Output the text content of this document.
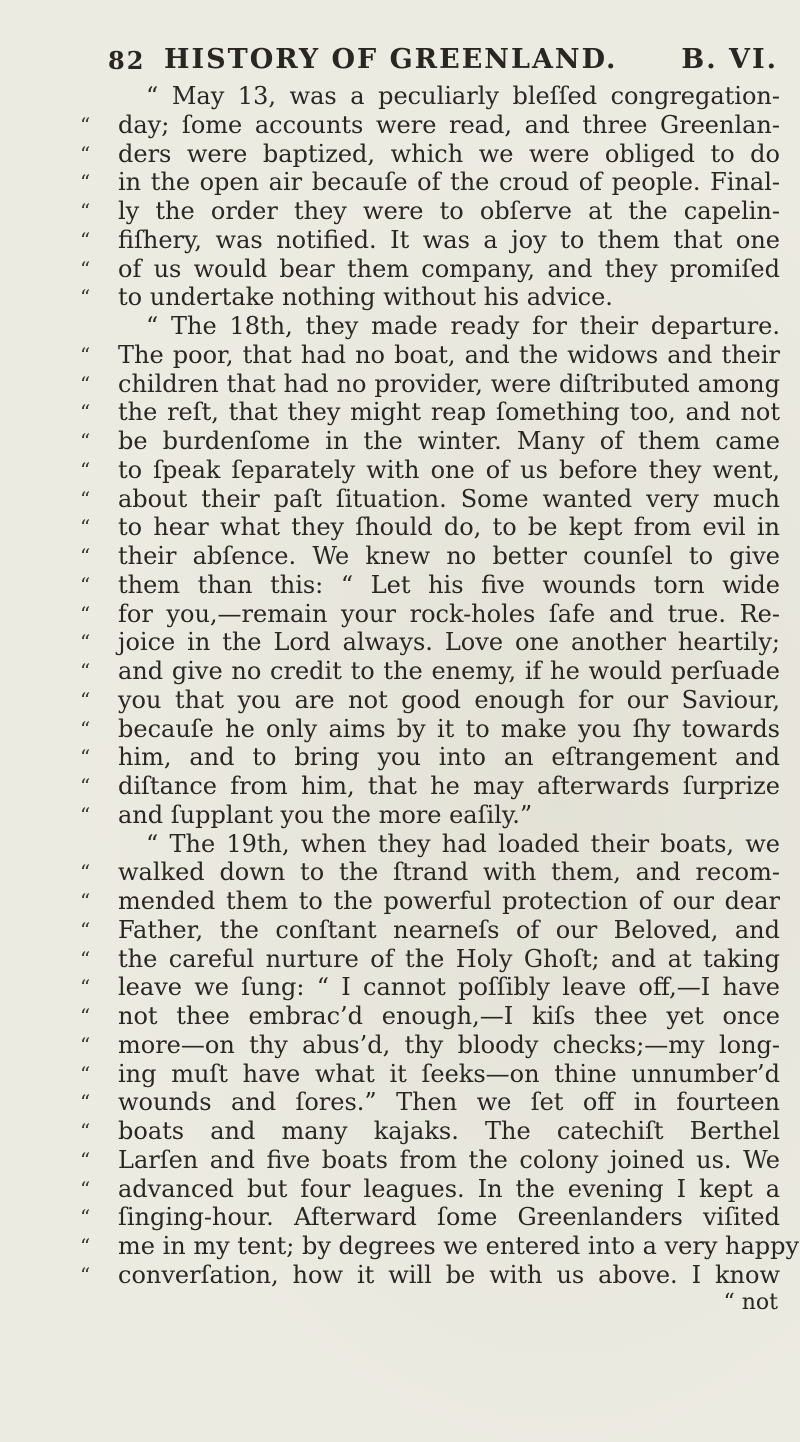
82 HISTORY OF GREENLAND. B. VI.
“ May 13, was a peculiarly bleſſed congregation-
“	day; ſome accounts were read, and three Greenlan-
“	ders were baptized, which we were obliged to do
“	in the open air becauſe of the croud of people. Final-
“	ly the order they were to obſerve at the capelin-
“	fiſhery, was notified. It was a joy to them that one
“	of us would bear them company, and they promiſed
“	to undertake nothing without his advice.
“ The 18th, they made ready for their departure.
“	The poor, that had no boat, and the widows and their
“	children that had no provider, were diſtributed among
“	the reſt, that they might reap ſomething too, and not
“	be burdenſome in the winter. Many of them came
“	to ſpeak ſeparately with one of us before they went,
“	about their paſt ſituation. Some wanted very much
“	to hear what they ſhould do, to be kept from evil in
“	their abſence. We knew no better counſel to give
“	them than this: “ Let his five wounds torn wide
“	for you,—remain your rock-holes ſafe and true. Re-
“	joice in the Lord always. Love one another heartily;
“	and give no credit to the enemy, if he would perſuade
“	you that you are not good enough for our Saviour,
“	becauſe he only aims by it to make you ſhy towards
“	him, and to bring you into an eſtrangement and
“	diſtance from him, that he may afterwards ſurprize
“	and ſupplant you the more eaſily.”
“ The 19th, when they had loaded their boats, we
“	walked down to the ſtrand with them, and recom-
“	mended them to the powerful protection of our dear
“	Father, the conſtant nearneſs of our Beloved, and
“	the careful nurture of the Holy Ghoſt; and at taking
“	leave we ſung: “ I cannot poſſibly leave off,—I have
“	not thee embrac’d enough,—I kiſs thee yet once
“	more—on thy abus’d, thy bloody checks;—my long-
“	ing muſt have what it ſeeks—on thine unnumber’d
“	wounds and ſores.” Then we ſet off in fourteen
“	boats and many kajaks. The catechiſt Berthel
“	Larſen and five boats from the colony joined us. We
“	advanced but four leagues. In the evening I kept a
“	ſinging-hour. Afterward ſome Greenlanders viſited
“	me in my tent; by degrees we entered into a very happy
“	converſation, how it will be with us above. I know
“ not
